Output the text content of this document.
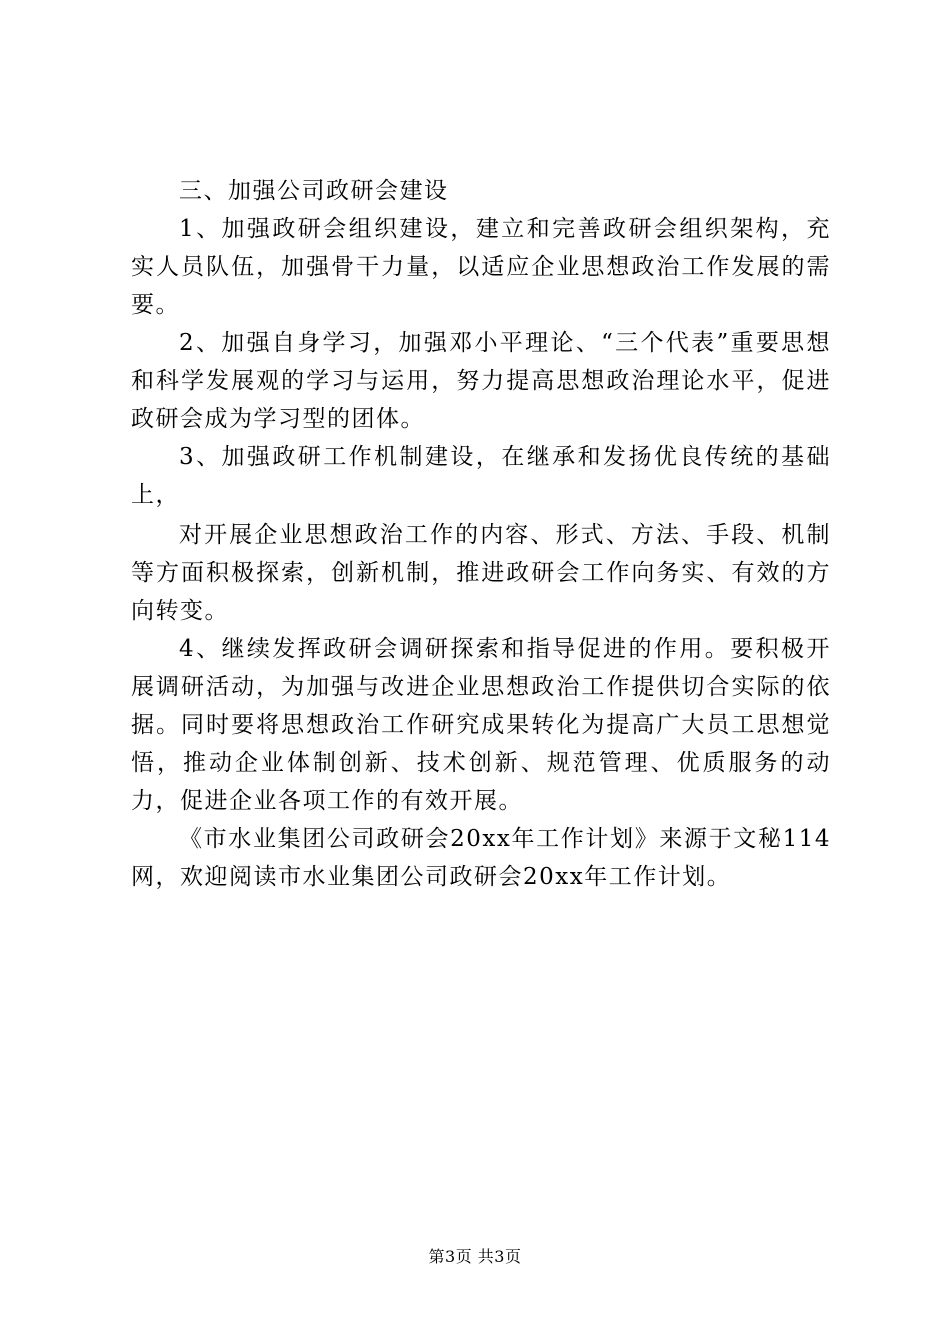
三、加强公司政研会建设

1、加强政研会组织建设，建立和完善政研会组织架构，充实人员队伍，加强骨干力量，以适应企业思想政治工作发展的需要。

2、加强自身学习，加强邓小平理论、“三个代表”重要思想和科学发展观的学习与运用，努力提高思想政治理论水平，促进政研会成为学习型的团体。

3、加强政研工作机制建设，在继承和发扬优良传统的基础上，

对开展企业思想政治工作的内容、形式、方法、手段、机制等方面积极探索，创新机制，推进政研会工作向务实、有效的方向转变。

4、继续发挥政研会调研探索和指导促进的作用。要积极开展调研活动，为加强与改进企业思想政治工作提供切合实际的依据。同时要将思想政治工作研究成果转化为提高广大员工思想觉悟，推动企业体制创新、技术创新、规范管理、优质服务的动力，促进企业各项工作的有效开展。

《市水业集团公司政研会20xx年工作计划》来源于文秘114网，欢迎阅读市水业集团公司政研会20xx年工作计划。

第3页 共3页
